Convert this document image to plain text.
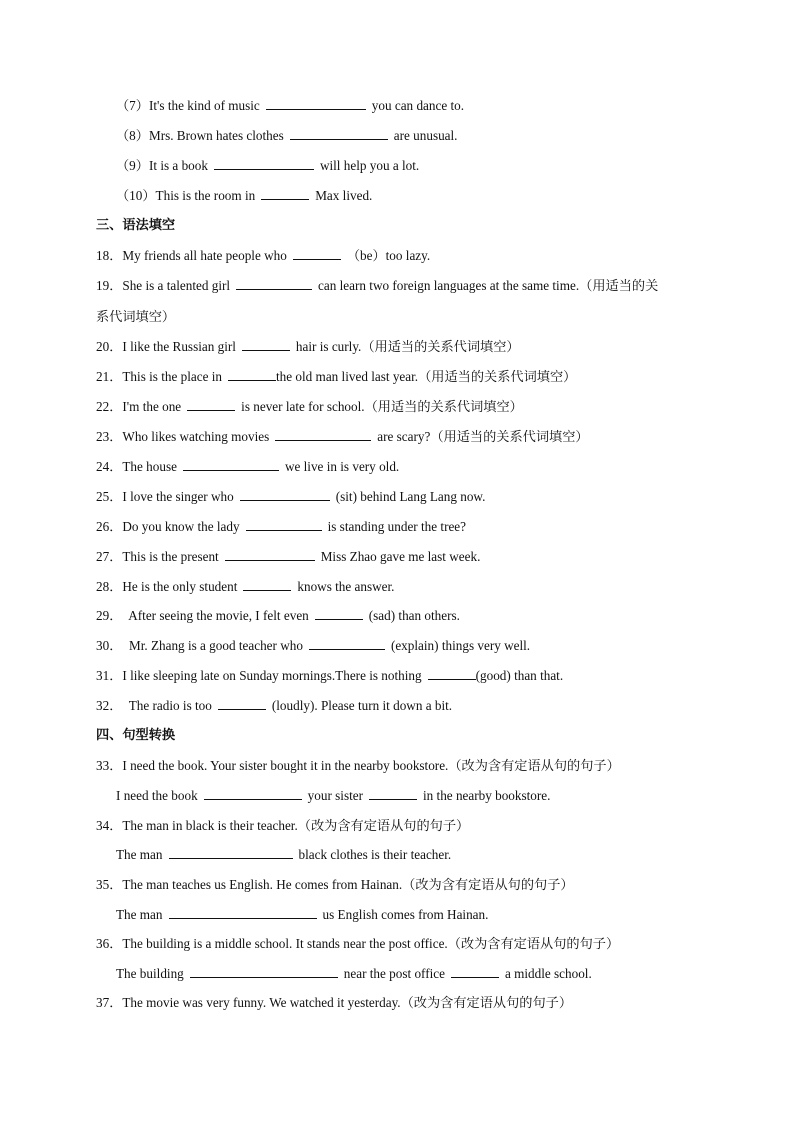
（7）It's the kind of music	you can dance to.
（8）Mrs. Brown hates clothes	are unusual.
（9）It is a book	will help you a lot.
（10）This is the room in	Max lived.
三、语法填空
18．My friends all hate people who	（be）too lazy.
19．She is a talented girl	can learn two foreign languages at the same time.（用适当的关
系代词填空）
20．I like the Russian girl	hair is curly.（用适当的关系代词填空）
21．This is the place in	the old man lived last year.（用适当的关系代词填空）
22．I'm the one	is never late for school.（用适当的关系代词填空）
23．Who likes watching movies	are scary?（用适当的关系代词填空）
24．The house	we live in is very old.
25．I love the singer who	(sit) behind Lang Lang now.
26．Do you know the lady	is standing under the tree?
27．This is the present	Miss Zhao gave me last week.
28．He is the only student	knows the answer.
29．  After seeing the movie, I felt even	(sad) than others.
30．  Mr. Zhang is a good teacher who	(explain) things very well.
31．I like sleeping late on Sunday mornings.There is nothing	(good) than that.
32．  The radio is too	(loudly). Please turn it down a bit.
四、句型转换
33．I need the book. Your sister bought it in the nearby bookstore.（改为含有定语从句的句子）
I need the book	your sister	in the nearby bookstore.
34．The man in black is their teacher.（改为含有定语从句的句子）
The man	black clothes is their teacher.
35．The man teaches us English. He comes from Hainan.（改为含有定语从句的句子）
The man	us English comes from Hainan.
36．The building is a middle school. It stands near the post office.（改为含有定语从句的句子）
The building	near the post office	a middle school.
37．The movie was very funny. We watched it yesterday.（改为含有定语从句的句子）
